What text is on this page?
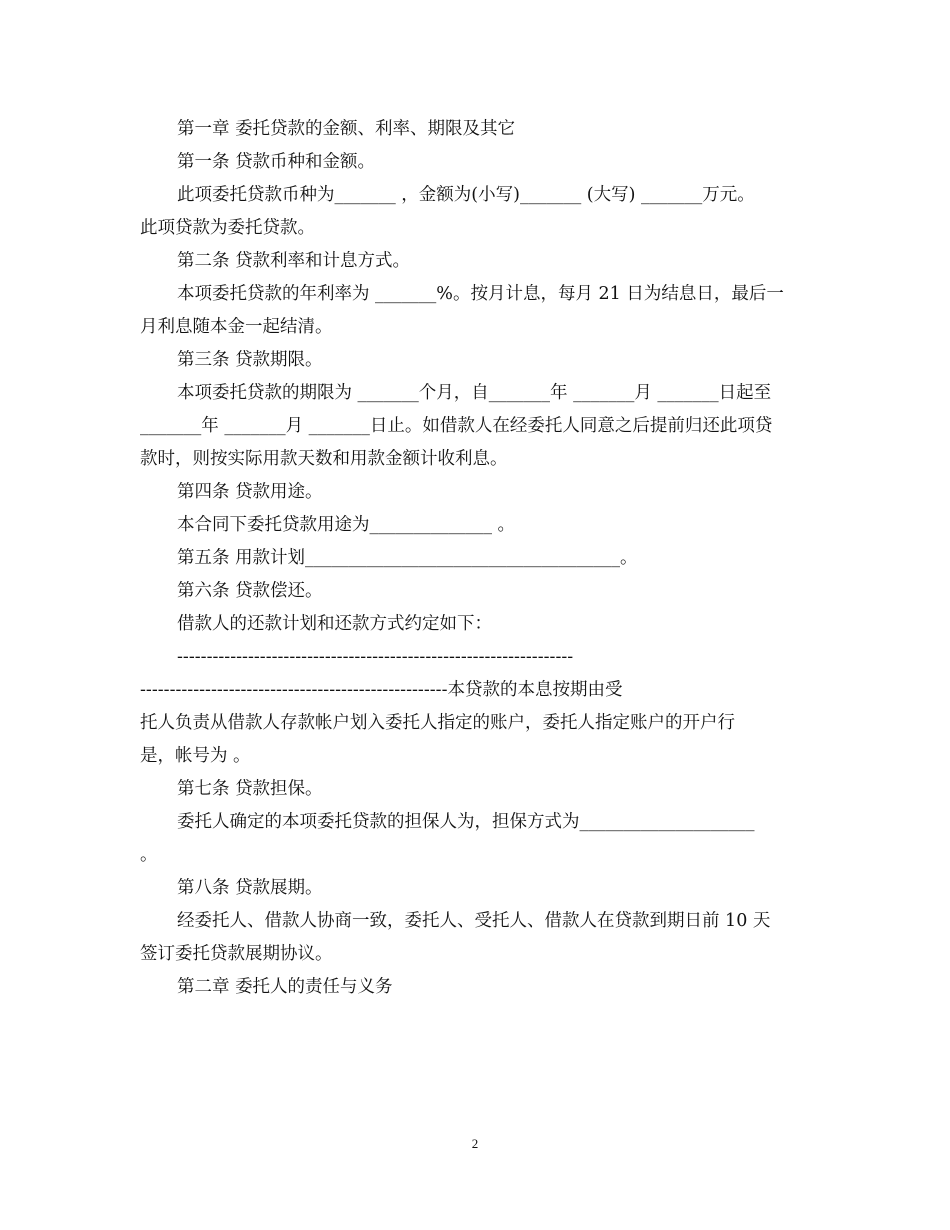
第一章 委托贷款的金额、利率、期限及其它
第一条 贷款币种和金额。
此项委托贷款币种为_______ ，金额为(小写)_______ (大写) _______万元。
此项贷款为委托贷款。
第二条 贷款利率和计息方式。
本项委托贷款的年利率为 _______%。按月计息，每月 21 日为结息日，最后一
月利息随本金一起结清。
第三条 贷款期限。
本项委托贷款的期限为 _______个月，自_______年 _______月 _______日起至
_______年 _______月 _______日止。如借款人在经委托人同意之后提前归还此项贷
款时，则按实际用款天数和用款金额计收利息。
第四条 贷款用途。
本合同下委托贷款用途为______________ 。
第五条 用款计划____________________________________。
第六条 贷款偿还。
借款人的还款计划和还款方式约定如下：
-------------------------------------------------------------------
----------------------------------------------------本贷款的本息按期由受
托人负责从借款人存款帐户划入委托人指定的账户，委托人指定账户的开户行
是，帐号为 。
第七条 贷款担保。
委托人确定的本项委托贷款的担保人为，担保方式为____________________
。
第八条 贷款展期。
经委托人、借款人协商一致，委托人、受托人、借款人在贷款到期日前 10 天
签订委托贷款展期协议。
第二章 委托人的责任与义务
2
